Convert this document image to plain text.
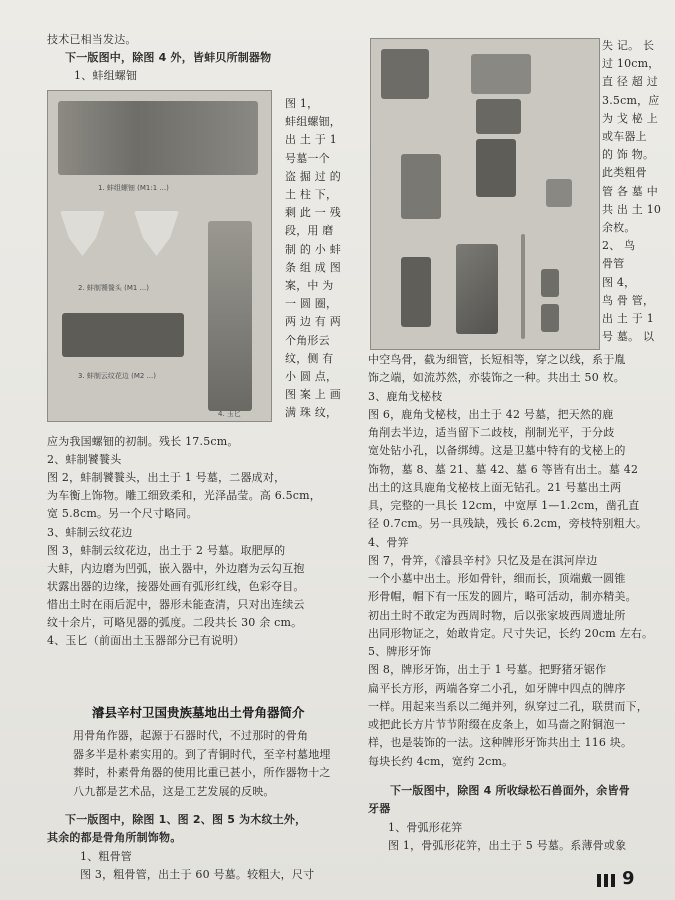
技术已相当发达。
下一版图中，除图 4 外，皆蚌贝所制器物
1、蚌组螺钿
1. 蚌组螺钿 (M1:1 ...)
2. 蚌制饕餮头 (M1 ...)
3. 蚌制云纹花边 (M2 ...)
4. 玉匕
图 1，
蚌组螺钿，
出 土 于 1
号墓一个
盗 掘 过 的
土 柱 下，
剩 此 一 残
段，用 磨
制 的 小 蚌
条 组 成 图
案，中 为
一 圆 圈，
两 边 有 两
个角形云
纹，侧 有
小 圆 点，
图 案 上 画
满 珠 纹，
应为我国螺钿的初制。残长 17.5cm。
2、蚌制饕餮头
图 2，蚌制饕餮头，出土于 1 号墓，二器成对，
为车衡上饰物。雕工细致柔和，光泽晶莹。高 6.5cm，
宽 5.8cm。另一个尺寸略同。
3、蚌制云纹花边
图 3，蚌制云纹花边，出土于 2 号墓。取肥厚的
大蚌，内边磨为凹弧，嵌入器中，外边磨为云勾互抱
状露出器的边缘，接器处画有弧形红线，色彩夺目。
惜出土时在雨后泥中，器形未能查清，只对出连续云
纹十余片，可略见器的弧度。二段共长 30 余 cm。
4、玉匕（前面出土玉器部分已有说明）
濬县辛村卫国贵族墓地出土骨角器简介
用骨角作器，起源于石器时代，不过那时的骨角
器多半是朴素实用的。到了青铜时代，至辛村墓地埋
葬时，朴素骨角器的使用比重已甚小，所作器物十之
八九都是艺术品，这是工艺发展的反映。
下一版图中，除图 1、图 2、图 5 为木纹土外，
其余的都是骨角所制饰物。
1、粗骨管
图 3，粗骨管，出土于 60 号墓。较粗大，尺寸
失 记。 长
过 10cm，
直 径 超 过
3.5cm，应
为 戈 柲 上
或车器上
的 饰 物。
此类粗骨
管 各 墓 中
共 出 土 10
余枚。
2、 鸟
骨管
图 4，
鸟 骨 管，
出 土 于 1
号 墓。 以
中空鸟骨，截为细管，长短相等，穿之以线，系于胤
饰之端，如流苏然，亦装饰之一种。共出土 50 枚。
3、鹿角戈柲枝
图 6，鹿角戈柲枝，出土于 42 号墓，把天然的鹿
角削去半边，适当留下二歧枝，削制光平，于分歧
宽处钻小孔，以备绑缚。这是卫墓中特有的戈柲上的
饰物，墓 8、墓 21、墓 42、墓 6 等皆有出土。墓 42
出土的这具鹿角戈柲枝上面无钻孔。21 号墓出土两
具，完整的一具长 12cm，中宽厚 1—1.2cm，凿孔直
径 0.7cm。另一具残缺，残长 6.2cm，旁枝特别粗大。
4、骨笄
图 7，骨笄，《濬县辛村》只忆及是在淇河岸边
一个小墓中出土。形如骨针，细而长，顶端戴一圆锥
形骨帽，帽下有一压发的圆片，略可活动，制亦精美。
初出土时不敢定为西周时物，后以张家坡西周遗址所
出同形物证之，始敢肯定。尺寸失记，长约 20cm 左右。
5、牌形牙饰
图 8，牌形牙饰，出土于 1 号墓。把野猪牙锯作
扁平长方形，两端各穿二小孔，如牙牌中四点的牌序
一样。用起来当系以二绳并列，纵穿过二孔，联贯而下，
或把此长方片节节附缀在皮条上，如马啬之附铜泡一
样，也是装饰的一法。这种牌形牙饰共出土 116 块。
每块长约 4cm，宽约 2cm。
下一版图中，除图 4 所收绿松石兽面外，余皆骨
牙器
1、骨弧形花笄
图 1，骨弧形花笄，出土于 5 号墓。系薄骨或象
9
